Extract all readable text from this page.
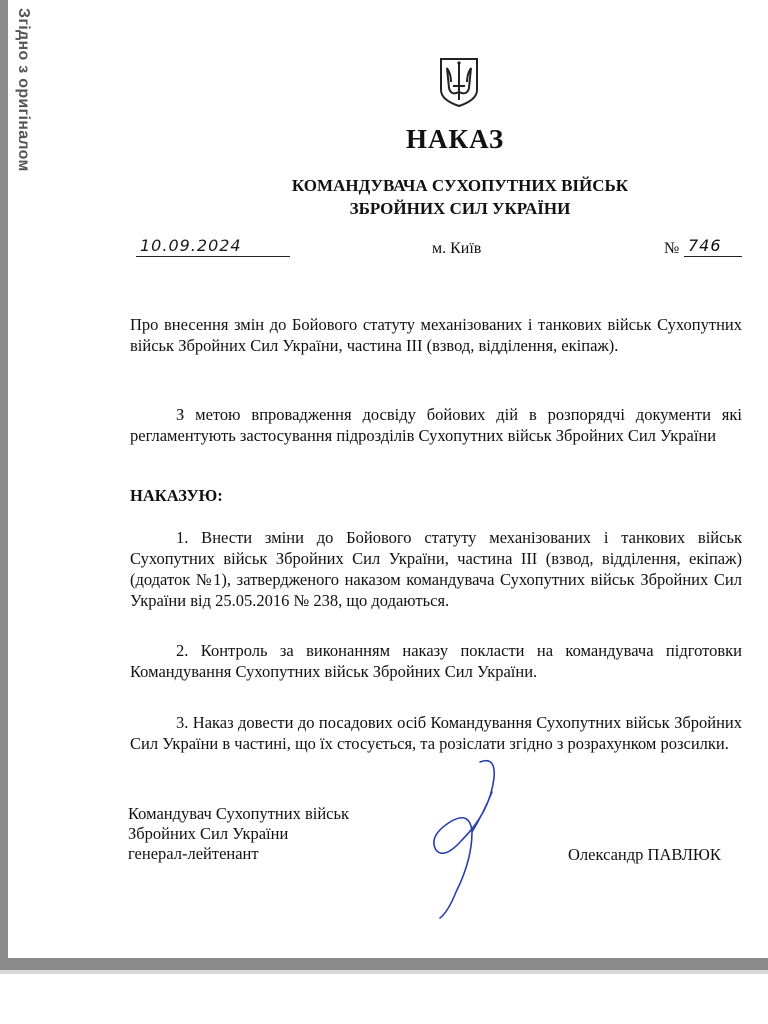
Згідно з оригіналом	НАКАЗ
КОМАНДУВАЧА СУХОПУТНИХ ВІЙСЬК
ЗБРОЙНИХ СИЛ УКРАЇНИ
10.09.2024	м. Київ	№ 746
Про внесення змін до Бойового статуту механізованих і танкових військ Сухопутних військ Збройних Сил України, частина ІІІ (взвод, відділення, екіпаж).
З метою впровадження досвіду бойових дій в розпорядчі документи які регламентують застосування підрозділів Сухопутних військ Збройних Сил України
НАКАЗУЮ:
1. Внести зміни до Бойового статуту механізованих і танкових військ Сухопутних військ Збройних Сил України, частина ІІІ (взвод, відділення, екіпаж) (додаток №1), затвердженого наказом командувача Сухопутних військ Збройних Сил України від 25.05.2016 № 238, що додаються.
2. Контроль за виконанням наказу покласти на командувача підготовки Командування Сухопутних військ Збройних Сил України.
3. Наказ довести до посадових осіб Командування Сухопутних військ Збройних Сил України в частині, що їх стосується, та розіслати згідно з розрахунком розсилки.
Командувач Сухопутних військ
Збройних Сил України
генерал-лейтенант	Олександр ПАВЛЮК
